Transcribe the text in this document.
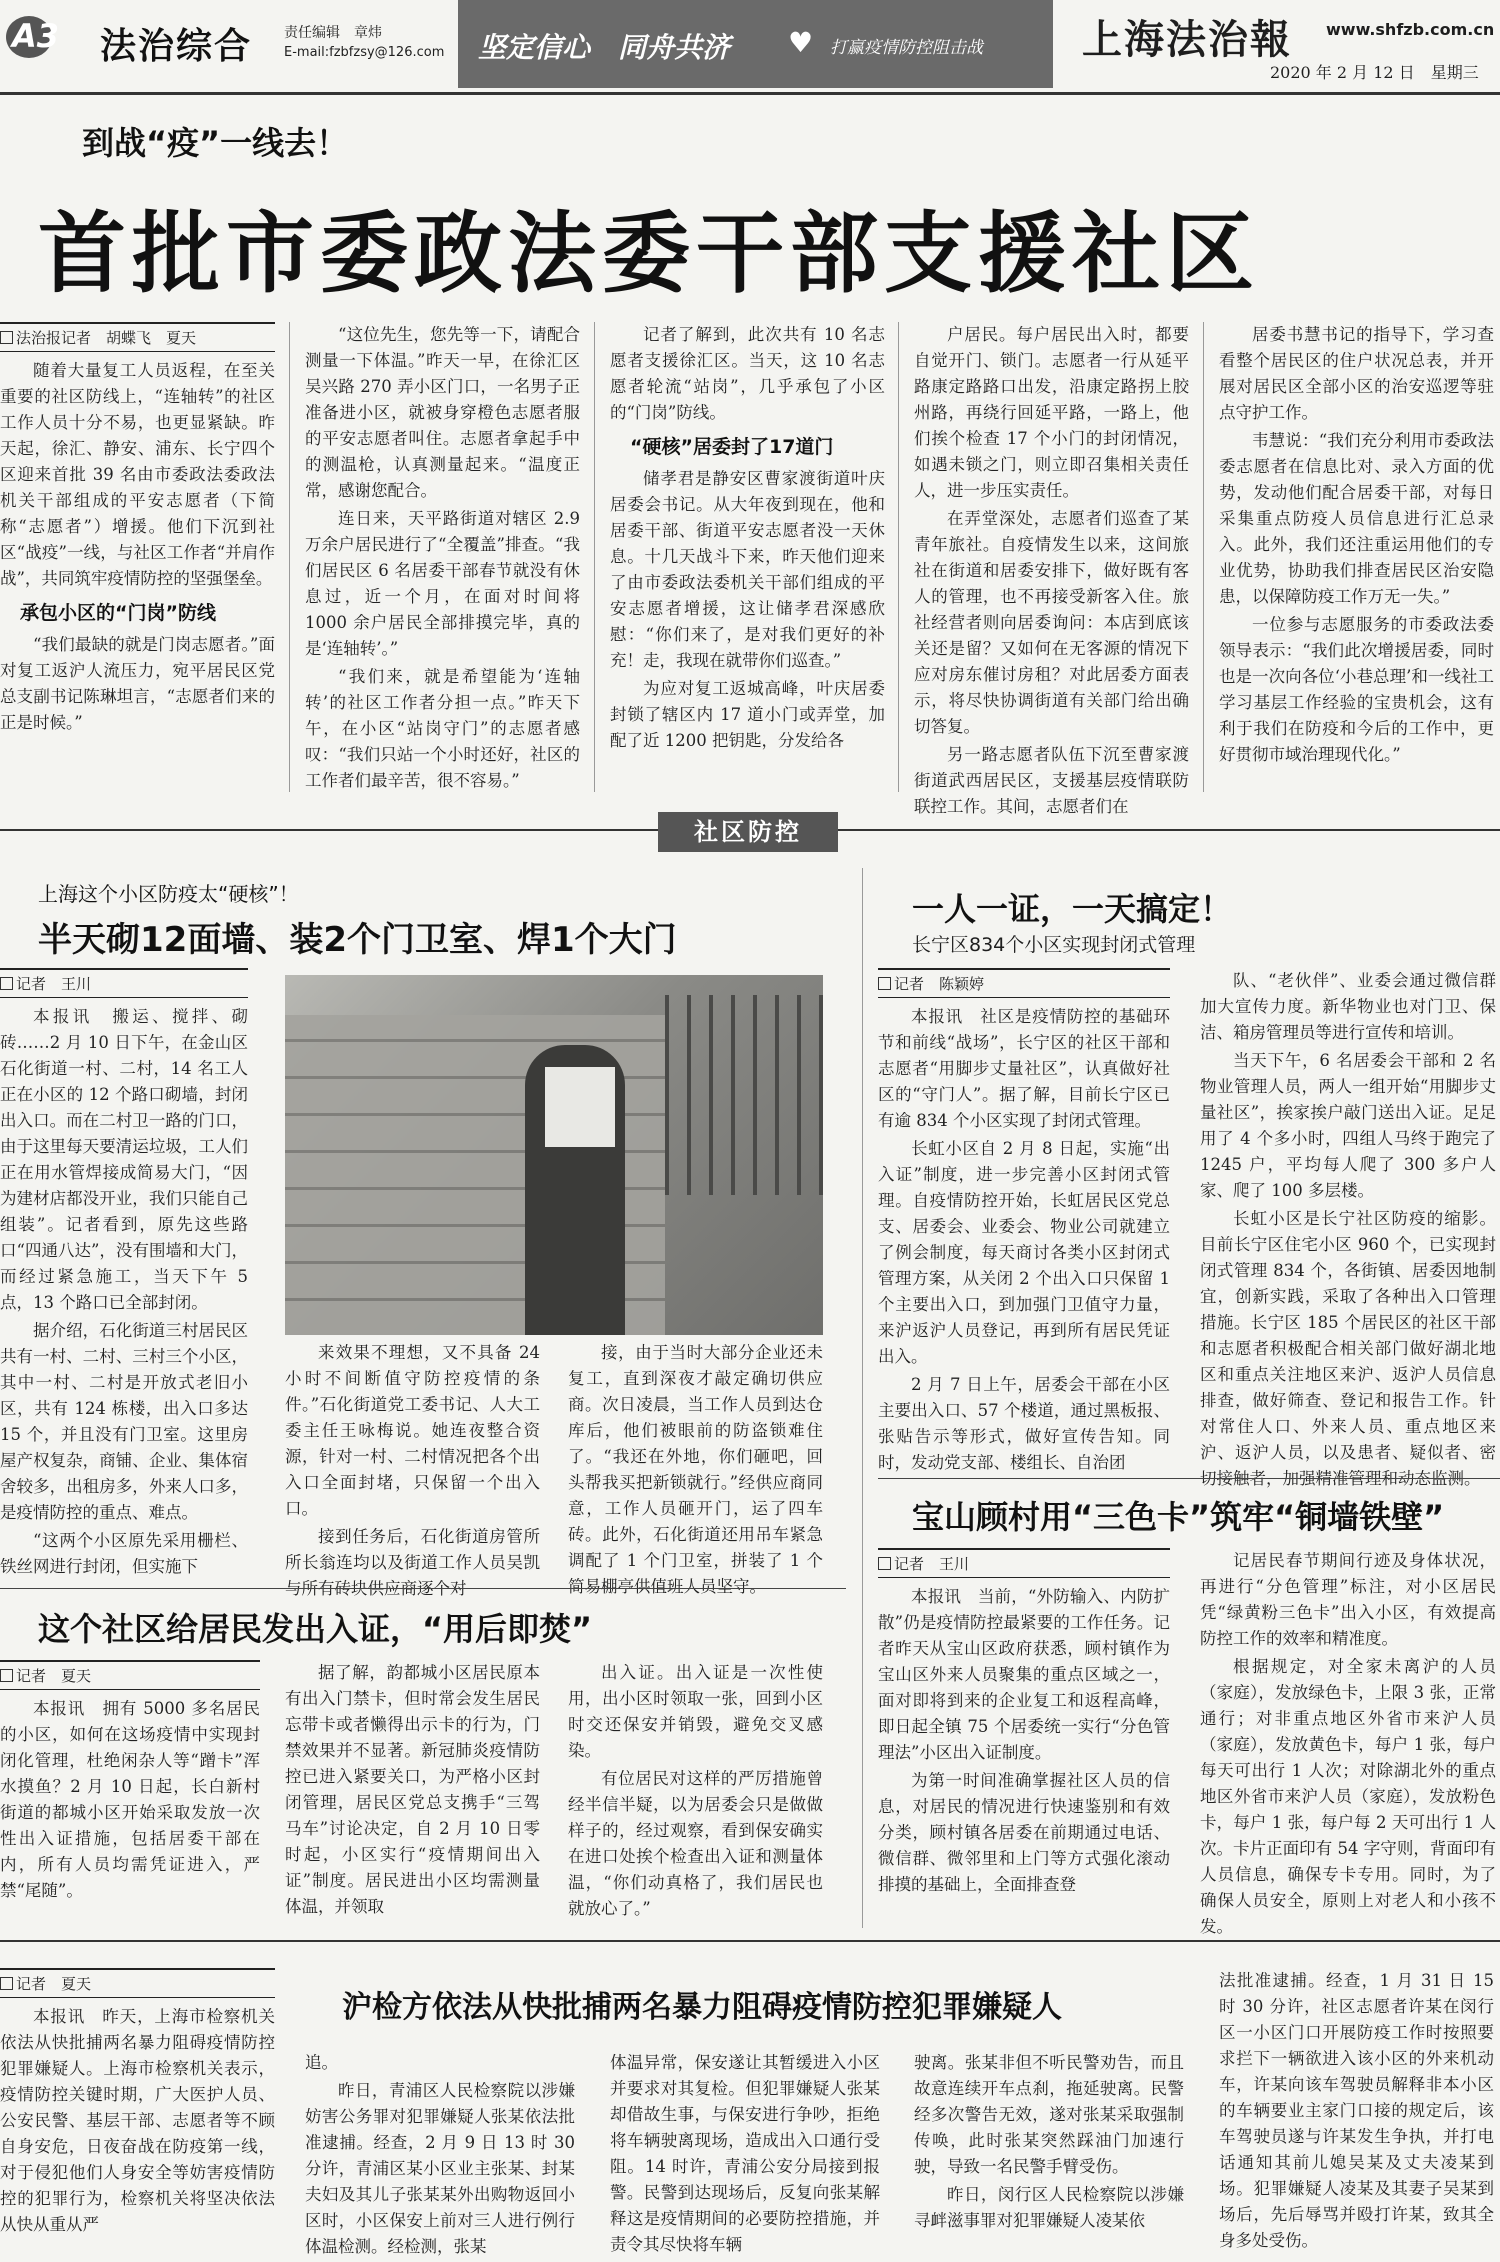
A3 法治综合 责任编辑　章炜
E-mail:fzbfzsy@126.com 坚定信心　同舟共济 ♥ 打赢疫情防控阻击战 上海法治報 www.shfzb.com.cn
2020 年 2 月 12 日　星期三
到战“疫”一线去！
首批市委政法委干部支援社区
法治报记者　胡蝶飞　夏天

随着大量复工人员返程，在至关重要的社区防线上，“连轴转”的社区工作人员十分不易，也更显紧缺。昨天起，徐汇、静安、浦东、长宁四个区迎来首批 39 名由市委政法委政法机关干部组成的平安志愿者（下简称“志愿者”）增援。他们下沉到社区“战疫”一线，与社区工作者“并肩作战”，共同筑牢疫情防控的坚强堡垒。

承包小区的“门岗”防线

“我们最缺的就是门岗志愿者。”面对复工返沪人流压力，宛平居民区党总支副书记陈琳坦言，“志愿者们来的正是时候。”

“这位先生，您先等一下，请配合测量一下体温。”昨天一早，在徐汇区吴兴路 270 弄小区门口，一名男子正准备进小区，就被身穿橙色志愿者服的平安志愿者叫住。志愿者拿起手中的测温枪，认真测量起来。“温度正常，感谢您配合。

连日来，天平路街道对辖区 2.9 万余户居民进行了“全覆盖”排查。“我们居民区 6 名居委干部春节就没有休息过，近一个月，在面对时间将 1000 余户居民全部排摸完毕，真的是‘连轴转’。”

“我们来，就是希望能为‘连轴转’的社区工作者分担一点。”昨天下午，在小区“站岗守门”的志愿者感叹：“我们只站一个小时还好，社区的工作者们最辛苦，很不容易。”

记者了解到，此次共有 10 名志愿者支援徐汇区。当天，这 10 名志愿者轮流“站岗”，几乎承包了小区的“门岗”防线。

“硬核”居委封了17道门

储孝君是静安区曹家渡街道叶庆居委会书记。从大年夜到现在，他和居委干部、街道平安志愿者没一天休息。十几天战斗下来，昨天他们迎来了由市委政法委机关干部们组成的平安志愿者增援，这让储孝君深感欣慰：“你们来了，是对我们更好的补充！走，我现在就带你们巡查。”

为应对复工返城高峰，叶庆居委封锁了辖区内 17 道小门或弄堂，加配了近 1200 把钥匙，分发给各

户居民。每户居民出入时，都要自觉开门、锁门。志愿者一行从延平路康定路路口出发，沿康定路拐上胶州路，再绕行回延平路，一路上，他们挨个检查 17 个小门的封闭情况，如遇未锁之门，则立即召集相关责任人，进一步压实责任。

在弄堂深处，志愿者们巡查了某青年旅社。自疫情发生以来，这间旅社在街道和居委安排下，做好既有客人的管理，也不再接受新客入住。旅社经营者则向居委询问：本店到底该关还是留？又如何在无客源的情况下应对房东催讨房租？对此居委方面表示，将尽快协调街道有关部门给出确切答复。

另一路志愿者队伍下沉至曹家渡街道武西居民区，支援基层疫情联防联控工作。其间，志愿者们在

居委书慧书记的指导下，学习查看整个居民区的住户状况总表，并开展对居民区全部小区的治安巡逻等驻点守护工作。

韦慧说：“我们充分利用市委政法委志愿者在信息比对、录入方面的优势，发动他们配合居委干部，对每日采集重点防疫人员信息进行汇总录入。此外，我们还注重运用他们的专业优势，协助我们排查居民区治安隐患，以保障防疫工作万无一失。”

一位参与志愿服务的市委政法委领导表示：“我们此次增援居委，同时也是一次向各位‘小巷总理’和一线社工学习基层工作经验的宝贵机会，这有利于我们在防疫和今后的工作中，更好贯彻市域治理现代化。”

社区防控
上海这个小区防疫太“硬核”！
半天砌12面墙、装2个门卫室、焊1个大门
记者　王川

本报讯　搬运、搅拌、砌砖……2 月 10 日下午，在金山区石化街道一村、二村，14 名工人正在小区的 12 个路口砌墙，封闭出入口。而在二村卫一路的门口，由于这里每天要清运垃圾，工人们正在用水管焊接成简易大门，“因为建材店都没开业，我们只能自己组装”。记者看到，原先这些路口“四通八达”，没有围墙和大门，而经过紧急施工，当天下午 5 点，13 个路口已全部封闭。

据介绍，石化街道三村居民区共有一村、二村、三村三个小区，其中一村、二村是开放式老旧小区，共有 124 栋楼，出入口多达 15 个，并且没有门卫室。这里房屋产权复杂，商铺、企业、集体宿舍较多，出租房多，外来人口多，是疫情防控的重点、难点。

“这两个小区原先采用栅栏、铁丝网进行封闭，但实施下

来效果不理想，又不具备 24 小时不间断值守防控疫情的条件。”石化街道党工委书记、人大工委主任王咏梅说。她连夜整合资源，针对一村、二村情况把各个出入口全面封堵，只保留一个出入口。

接到任务后，石化街道房管所所长翁连均以及街道工作人员吴凯与所有砖块供应商逐个对

接，由于当时大部分企业还未复工，直到深夜才敲定确切供应商。次日凌晨，当工作人员到达仓库后，他们被眼前的防盗锁难住了。“我还在外地，你们砸吧，回头帮我买把新锁就行。”经供应商同意，工作人员砸开门，运了四车砖。此外，石化街道还用吊车紧急调配了 1 个门卫室，拼装了 1 个简易棚亭供值班人员坚守。

一人一证，一天搞定！
长宁区834个小区实现封闭式管理
记者　陈颖婷

本报讯　社区是疫情防控的基础环节和前线“战场”，长宁区的社区干部和志愿者“用脚步丈量社区”，认真做好社区的“守门人”。据了解，目前长宁区已有逾 834 个小区实现了封闭式管理。

长虹小区自 2 月 8 日起，实施“出入证”制度，进一步完善小区封闭式管理。自疫情防控开始，长虹居民区党总支、居委会、业委会、物业公司就建立了例会制度，每天商讨各类小区封闭式管理方案，从关闭 2 个出入口只保留 1 个主要出入口，到加强门卫值守力量，来沪返沪人员登记，再到所有居民凭证出入。

2 月 7 日上午，居委会干部在小区主要出入口、57 个楼道，通过黑板报、张贴告示等形式，做好宣传告知。同时，发动党支部、楼组长、自治团

队、“老伙伴”、业委会通过微信群加大宣传力度。新华物业也对门卫、保洁、箱房管理员等进行宣传和培训。

当天下午，6 名居委会干部和 2 名物业管理人员，两人一组开始“用脚步丈量社区”，挨家挨户敲门送出入证。足足用了 4 个多小时，四组人马终于跑完了 1245 户，平均每人爬了 300 多户人家、爬了 100 多层楼。

长虹小区是长宁社区防疫的缩影。目前长宁区住宅小区 960 个，已实现封闭式管理 834 个，各街镇、居委因地制宜，创新实践，采取了各种出入口管理措施。长宁区 185 个居民区的社区干部和志愿者积极配合相关部门做好湖北地区和重点关注地区来沪、返沪人员信息排查，做好筛查、登记和报告工作。针对常住人口、外来人员、重点地区来沪、返沪人员，以及患者、疑似者、密切接触者，加强精准管理和动态监测。

这个社区给居民发出入证，“用后即焚”
记者　夏天

本报讯　拥有 5000 多名居民的小区，如何在这场疫情中实现封闭化管理，杜绝闲杂人等“蹭卡”浑水摸鱼？2 月 10 日起，长白新村街道的都城小区开始采取发放一次性出入证措施，包括居委干部在内，所有人员均需凭证进入，严禁“尾随”。

据了解，韵都城小区居民原本有出入门禁卡，但时常会发生居民忘带卡或者懒得出示卡的行为，门禁效果并不显著。新冠肺炎疫情防控已进入紧要关口，为严格小区封闭管理，居民区党总支携手“三驾马车”讨论决定，自 2 月 10 日零时起，小区实行“疫情期间出入证”制度。居民进出小区均需测量体温，并领取

出入证。出入证是一次性使用，出小区时领取一张，回到小区时交还保安并销毁，避免交叉感染。

有位居民对这样的严厉措施曾经半信半疑，以为居委会只是做做样子的，经过观察，看到保安确实在进口处挨个检查出入证和测量体温，“你们动真格了，我们居民也就放心了。”

宝山顾村用“三色卡”筑牢“铜墙铁壁”
记者　王川

本报讯　当前，“外防输入、内防扩散”仍是疫情防控最紧要的工作任务。记者昨天从宝山区政府获悉，顾村镇作为宝山区外来人员聚集的重点区域之一，面对即将到来的企业复工和返程高峰，即日起全镇 75 个居委统一实行“分色管理法”小区出入证制度。

为第一时间准确掌握社区人员的信息，对居民的情况进行快速鉴别和有效分类，顾村镇各居委在前期通过电话、微信群、微邻里和上门等方式强化滚动排摸的基础上，全面排查登

记居民春节期间行迹及身体状况，再进行“分色管理”标注，对小区居民凭“绿黄粉三色卡”出入小区，有效提高防控工作的效率和精准度。

根据规定，对全家未离沪的人员（家庭），发放绿色卡，上限 3 张，正常通行；对非重点地区外省市来沪人员（家庭），发放黄色卡，每户 1 张，每户每天可出行 1 人次；对除湖北外的重点地区外省市来沪人员（家庭），发放粉色卡，每户 1 张，每户每 2 天可出行 1 人次。卡片正面印有 54 字守则，背面印有人员信息，确保专卡专用。同时，为了确保人员安全，原则上对老人和小孩不发。

记者　夏天

本报讯　昨天，上海市检察机关依法从快批捕两名暴力阻碍疫情防控犯罪嫌疑人。上海市检察机关表示，疫情防控关键时期，广大医护人员、公安民警、基层干部、志愿者等不顾自身安危，日夜奋战在防疫第一线，对于侵犯他们人身安全等妨害疫情防控的犯罪行为，检察机关将坚决依法从快从重从严

沪检方依法从快批捕两名暴力阻碍疫情防控犯罪嫌疑人

追。

昨日，青浦区人民检察院以涉嫌妨害公务罪对犯罪嫌疑人张某依法批准逮捕。经查，2 月 9 日 13 时 30 分许，青浦区某小区业主张某、封某夫妇及其儿子张某某外出购物返回小区时，小区保安上前对三人进行例行体温检测。经检测，张某

体温异常，保安遂让其暂缓进入小区并要求对其复检。但犯罪嫌疑人张某却借故生事，与保安进行争吵，拒绝将车辆驶离现场，造成出入口通行受阻。14 时许，青浦公安分局接到报警。民警到达现场后，反复向张某解释这是疫情期间的必要防控措施，并责令其尽快将车辆

驶离。张某非但不听民警劝告，而且故意连续开车点刹，拖延驶离。民警经多次警告无效，遂对张某采取强制传唤，此时张某突然踩油门加速行驶，导致一名民警手臂受伤。

昨日，闵行区人民检察院以涉嫌寻衅滋事罪对犯罪嫌疑人凌某依

法批准逮捕。经查，1 月 31 日 15 时 30 分许，社区志愿者许某在闵行区一小区门口开展防疫工作时按照要求拦下一辆欲进入该小区的外来机动车，许某向该车驾驶员解释非本小区的车辆要业主家门口接的规定后，该车驾驶员遂与许某发生争执，并打电话通知其前儿媳吴某及丈夫凌某到场。犯罪嫌疑人凌某及其妻子吴某到场后，先后辱骂并殴打许某，致其全身多处受伤。
